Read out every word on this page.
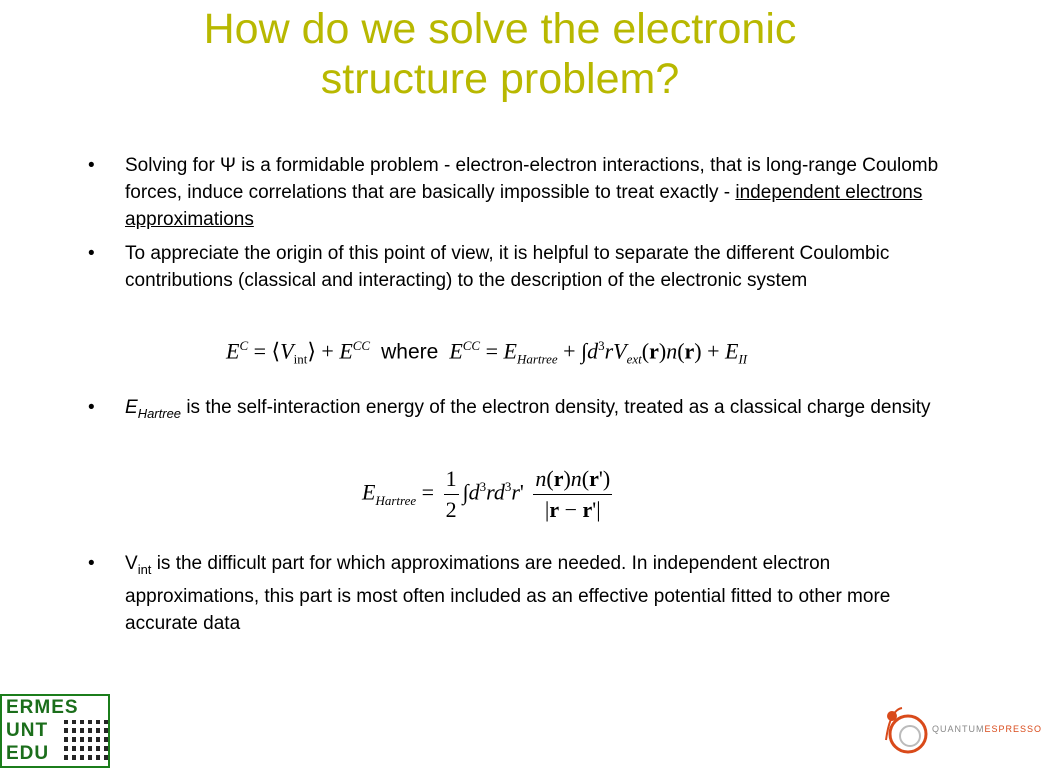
How do we solve the electronic
structure problem?
• Solving for Ψ is a formidable problem - electron-electron interactions, that is long-range Coulomb forces, induce correlations that are basically impossible to treat exactly - independent electrons approximations
• To appreciate the origin of this point of view, it is helpful to separate the different Coulombic contributions (classical and interacting) to the description of the electronic system
$E^C$ = $⟨V_{int}⟩ + E^{CC}$ where $E^{CC} = E_{Hartree} + \int d^3rV_{ext}(r)n(r) + E_{II}$
• $E_{Hartree}$ is the self-interaction energy of the electron density, treated as a classical charge density
$E_{Hartree} = \frac{1}{2} \int d^3rd^3r' \frac{n(r)n(r')}{|r - r'|}$
• $V_{int}$ is the difficult part for which approximations are needed. In independent electron approximations, this part is most often included as an effective potential fitted to other more accurate data
ERMES
UNT
EDU
QUANTUMESPRESSO
